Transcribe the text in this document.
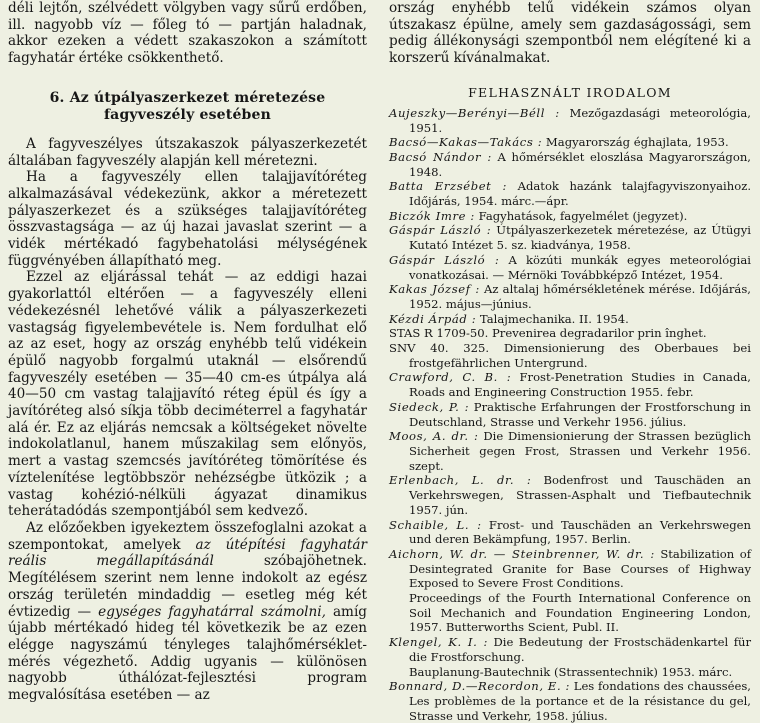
déli lejtőn, szélvédett völgyben vagy sűrű erdőben, ill. nagyobb víz — főleg tó — partján haladnak, akkor ezeken a védett szakaszokon a számított fagyhatár értéke csökkenthető.

6. Az útpályaszerkezet méretezése fagyveszély esetében

A fagyveszélyes útszakaszok pályaszerkezetét általában fagyveszély alapján kell méretezni.

Ha a fagyveszély ellen talajjavítóréteg alkalmazásával védekezünk, akkor a méretezett pályaszerkezet és a szükséges talajjavítóréteg összvastagsága — az új hazai javaslat szerint — a vidék mértékadó fagybehatolási mélységének függvényében állapítható meg.

Ezzel az eljárással tehát — az eddigi hazai gyakorlattól eltérően — a fagyveszély elleni védekezésnél lehetővé válik a pályaszerkezeti vastagság figyelembevétele is. Nem fordulhat elő az az eset, hogy az ország enyhébb telű vidékein épülő nagyobb forgalmú utaknál — elsőrendű fagyveszély esetében — 35—40 cm-es útpálya alá 40—50 cm vastag talajjavító réteg épül és így a javítóréteg alsó síkja több deciméterrel a fagyhatár alá ér. Ez az eljárás nemcsak a költségeket növelte indokolatlanul, hanem műszakilag sem előnyös, mert a vastag szemcsés javítóréteg tömörítése és víztelenítése legtöbbször nehézségbe ütközik ; a vastag kohézió-nélküli ágyazat dinamikus teherátadódás szempontjából sem kedvező.

Az előzőekben igyekeztem összefoglalni azokat a szempontokat, amelyek az útépítési fagyhatár reális megállapításánál szóbajöhetnek. Megítélésem szerint nem lenne indokolt az egész ország területén mindaddig — esetleg még két évtizedig — egységes fagyhatárral számolni, amíg újabb mértékadó hideg tél következik be az ezen elégge nagyszámú tényleges talajhőmérséklet-mérés végezhető. Addig ugyanis — különösen nagyobb úthálózat-fejlesztési program megvalósítása esetében — az

ország enyhébb telű vidékein számos olyan útszakasz épülne, amely sem gazdaságossági, sem pedig állékonysági szempontból nem elégítené ki a korszerű kívánalmakat.

FELHASZNÁLT IRODALOM

Aujeszky—Berényi—Béll : Mezőgazdasági meteorológia, 1951.

Bacsó—Kakas—Takács : Magyarország éghajlata, 1953.

Bacsó Nándor : A hőmérséklet eloszlása Magyarországon, 1948.

Batta Erzsébet : Adatok hazánk talajfagyviszonyaihoz. Időjárás, 1954. márc.—ápr.

Biczók Imre : Fagyhatások, fagyelmélet (jegyzet).

Gáspár László : Útpályaszerkezetek méretezése, az Útügyi Kutató Intézet 5. sz. kiadványa, 1958.

Gáspár László : A közúti munkák egyes meteorológiai vonatkozásai. — Mérnöki Továbbképző Intézet, 1954.

Kakas József : Az altalaj hőmérsékletének mérése. Időjárás, 1952. május—június.

Kézdi Árpád : Talajmechanika. II. 1954.

STAS R 1709-50. Prevenirea degradarilor prin înghet.

SNV 40. 325. Dimensionierung des Oberbaues bei frostgefährlichen Untergrund.

Crawford, C. B. : Frost-Penetration Studies in Canada, Roads and Engineering Construction 1955. febr.

Siedeck, P. : Praktische Erfahrungen der Frostforschung in Deutschland, Strasse und Verkehr 1956. július.

Moos, A. dr. : Die Dimensionierung der Strassen bezüglich Sicherheit gegen Frost, Strassen und Verkehr 1956. szept.

Erlenbach, L. dr. : Bodenfrost und Tauschäden an Verkehrswegen, Strassen-Asphalt und Tiefbautechnik 1957. jún.

Schaible, L. : Frost- und Tauschäden an Verkehrswegen und deren Bekämpfung, 1957. Berlin.

Aichorn, W. dr. — Steinbrenner, W. dr. : Stabilization of Desintegrated Granite for Base Courses of Highway Exposed to Severe Frost Conditions.
Proceedings of the Fourth International Conference on Soil Mechanich and Foundation Engineering London, 1957. Butterworths Scient, Publ. II.

Klengel, K. I. : Die Bedeutung der Frostschädenkartel für die Frostforschung.
Bauplanung-Bautechnik (Strassentechnik) 1953. márc.

Bonnard, D.—Recordon, E. : Les fondations des chaussées, Les problèmes de la portance et de la résistance du gel, Strasse und Verkehr, 1958. július.
